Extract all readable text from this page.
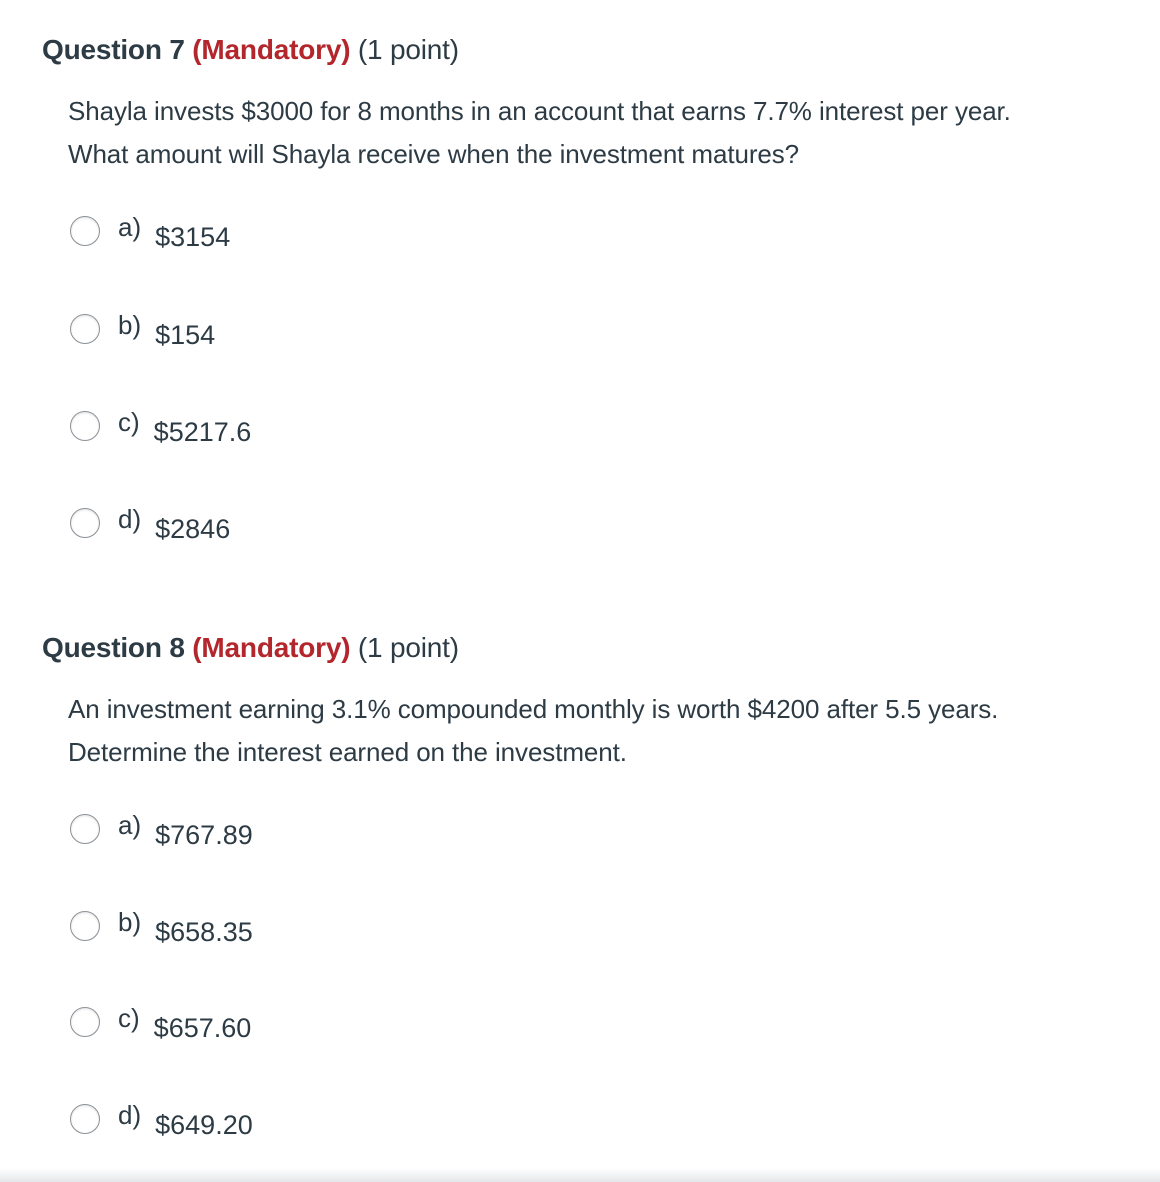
Question 7 (Mandatory) (1 point)
Shayla invests $3000 for 8 months in an account that earns 7.7% interest per year.
What amount will Shayla receive when the investment matures?
a) $3154
b) $154
c) $5217.6
d) $2846
Question 8 (Mandatory) (1 point)
An investment earning 3.1% compounded monthly is worth $4200 after 5.5 years.
Determine the interest earned on the investment.
a) $767.89
b) $658.35
c) $657.60
d) $649.20
